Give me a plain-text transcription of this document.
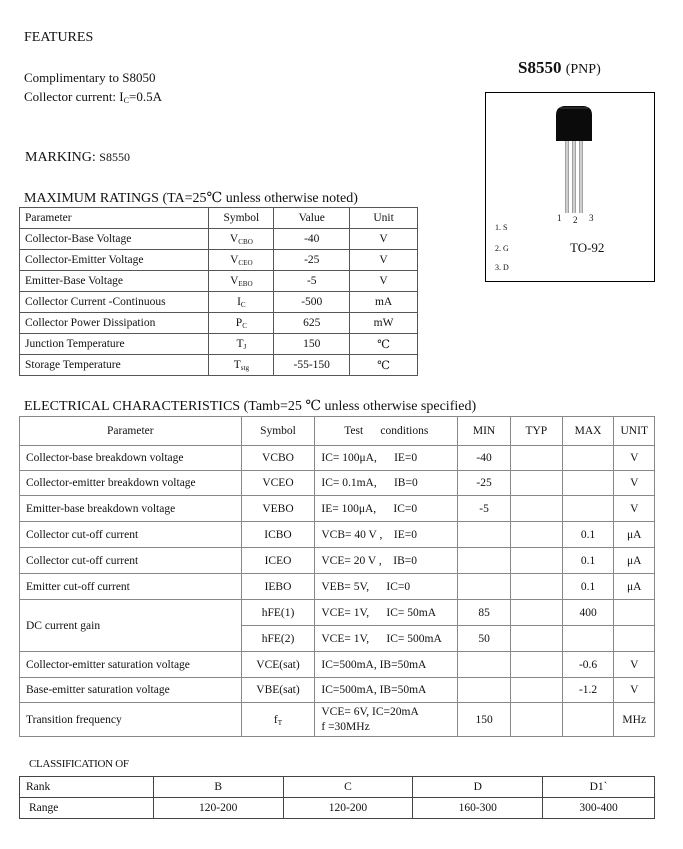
FEATURES
Complimentary to S8050
Collector current: $I_C=0.5A$
MARKING: S8550
S8550 (PNP)
1 2 3
1. S
2. G
3. D
TO-92
MAXIMUM RATINGS (TA=25℃ unless otherwise noted)
Parameter	Symbol	Value	Unit
Collector-Base Voltage	$V_{CBO}$	-40	V
Collector-Emitter Voltage	$V_{CEO}$	-25	V
Emitter-Base Voltage	$V_{EBO}$	-5	V
Collector Current -Continuous	$I_C$	-500	mA
Collector Power Dissipation	$P_C$	625	mW
Junction Temperature	$T_J$	150	℃
Storage Temperature	$T_{stg}$	-55-150	℃
ELECTRICAL CHARACTERISTICS (Tamb=25 ℃ unless otherwise specified)
Parameter	Symbol	Test      conditions	MIN	TYP	MAX	UNIT
Collector-base breakdown voltage	VCBO	IC= 100μA,      IE=0	-40			V
Collector-emitter breakdown voltage	VCEO	IC= 0.1mA,      IB=0	-25			V
Emitter-base breakdown voltage	VEBO	IE= 100μA,      IC=0	-5			V
Collector cut-off current	ICBO	VCB= 40 V ,    IE=0			0.1	μA
Collector cut-off current	ICEO	VCE= 20 V ,    IB=0			0.1	μA
Emitter cut-off current	IEBO	VEB= 5V,      IC=0			0.1	μA
DC current gain	hFE(1)	VCE= 1V,      IC= 50mA	85		400	
	hFE(2)	VCE= 1V,      IC= 500mA	50			
Collector-emitter saturation voltage	VCE(sat)	IC=500mA, IB=50mA			-0.6	V
Base-emitter saturation voltage	VBE(sat)	IC=500mA, IB=50mA			-1.2	V
Transition frequency	$f_T$	VCE= 6V, IC=20mA
f =30MHz	150			MHz
CLASSIFICATION OF
Rank	B	C	D	D1`
Range	120-200	120-200	160-300	300-400
